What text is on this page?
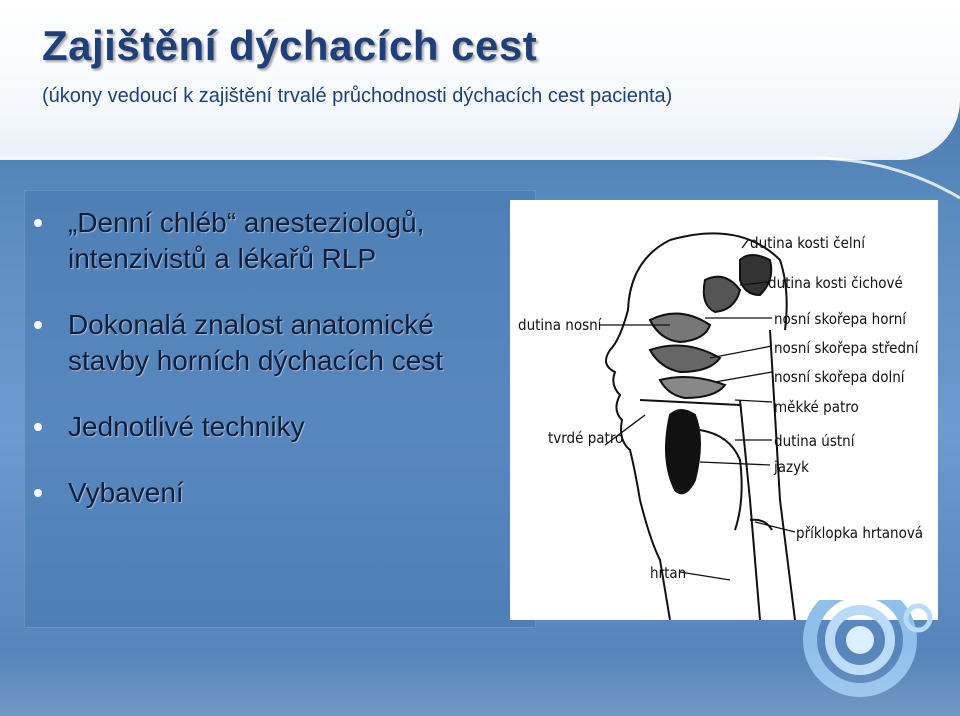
Zajištění dýchacích cest
(úkony vedoucí k zajištění trvalé průchodnosti dýchacích cest pacienta)
„Denní chléb“ anesteziologů, intenzivistů a lékařů RLP
Dokonalá znalost anatomické stavby horních dýchacích cest
Jednotlivé techniky
Vybavení
dutina kosti čelní
dutina kosti čichové
dutina nosní	nosní skořepa horní
nosní skořepa střední
nosní skořepa dolní
měkké patro
tvrdé patro	dutina ústní
jazyk
příklopka hrtanová
hrtan
